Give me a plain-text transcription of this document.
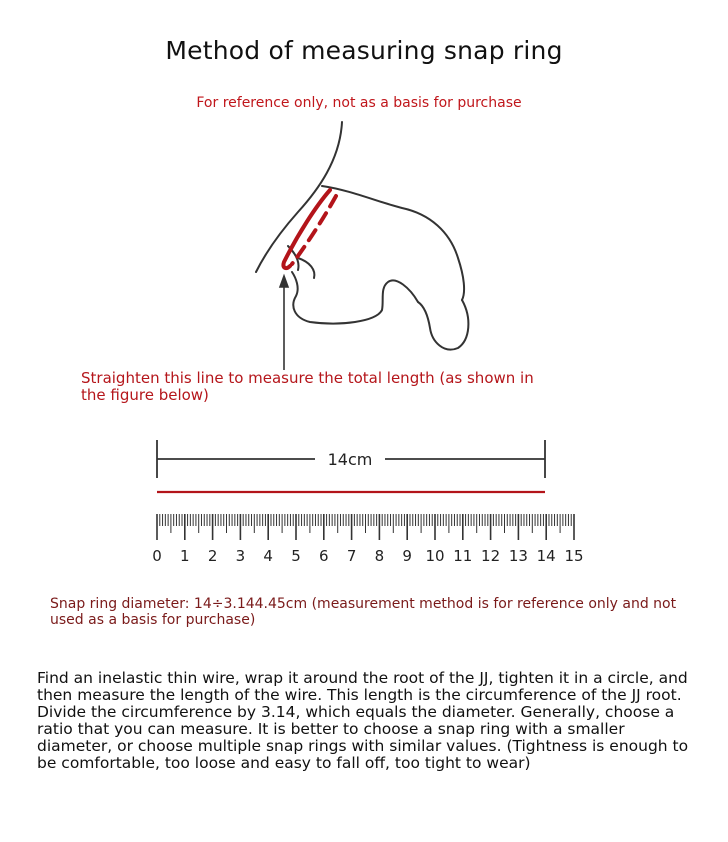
Method of measuring snap ring
For reference only, not as a basis for purchase
14cm
0 1 2 3 4 5 6 7 8 9 10 11 12 13 14 15
Straighten this line to measure the total length (as shown in the figure below)
Snap ring diameter: 14÷3.144.45cm (measurement method is for reference only and not used as a basis for purchase)
Find an inelastic thin wire, wrap it around the root of the JJ, tighten it in a circle, and then measure the length of the wire. This length is the circumference of the JJ root. Divide the circumference by 3.14, which equals the diameter. Generally, choose a ratio that you can measure. It is better to choose a snap ring with a smaller diameter, or choose multiple snap rings with similar values. (Tightness is enough to be comfortable, too loose and easy to fall off, too tight to wear)
